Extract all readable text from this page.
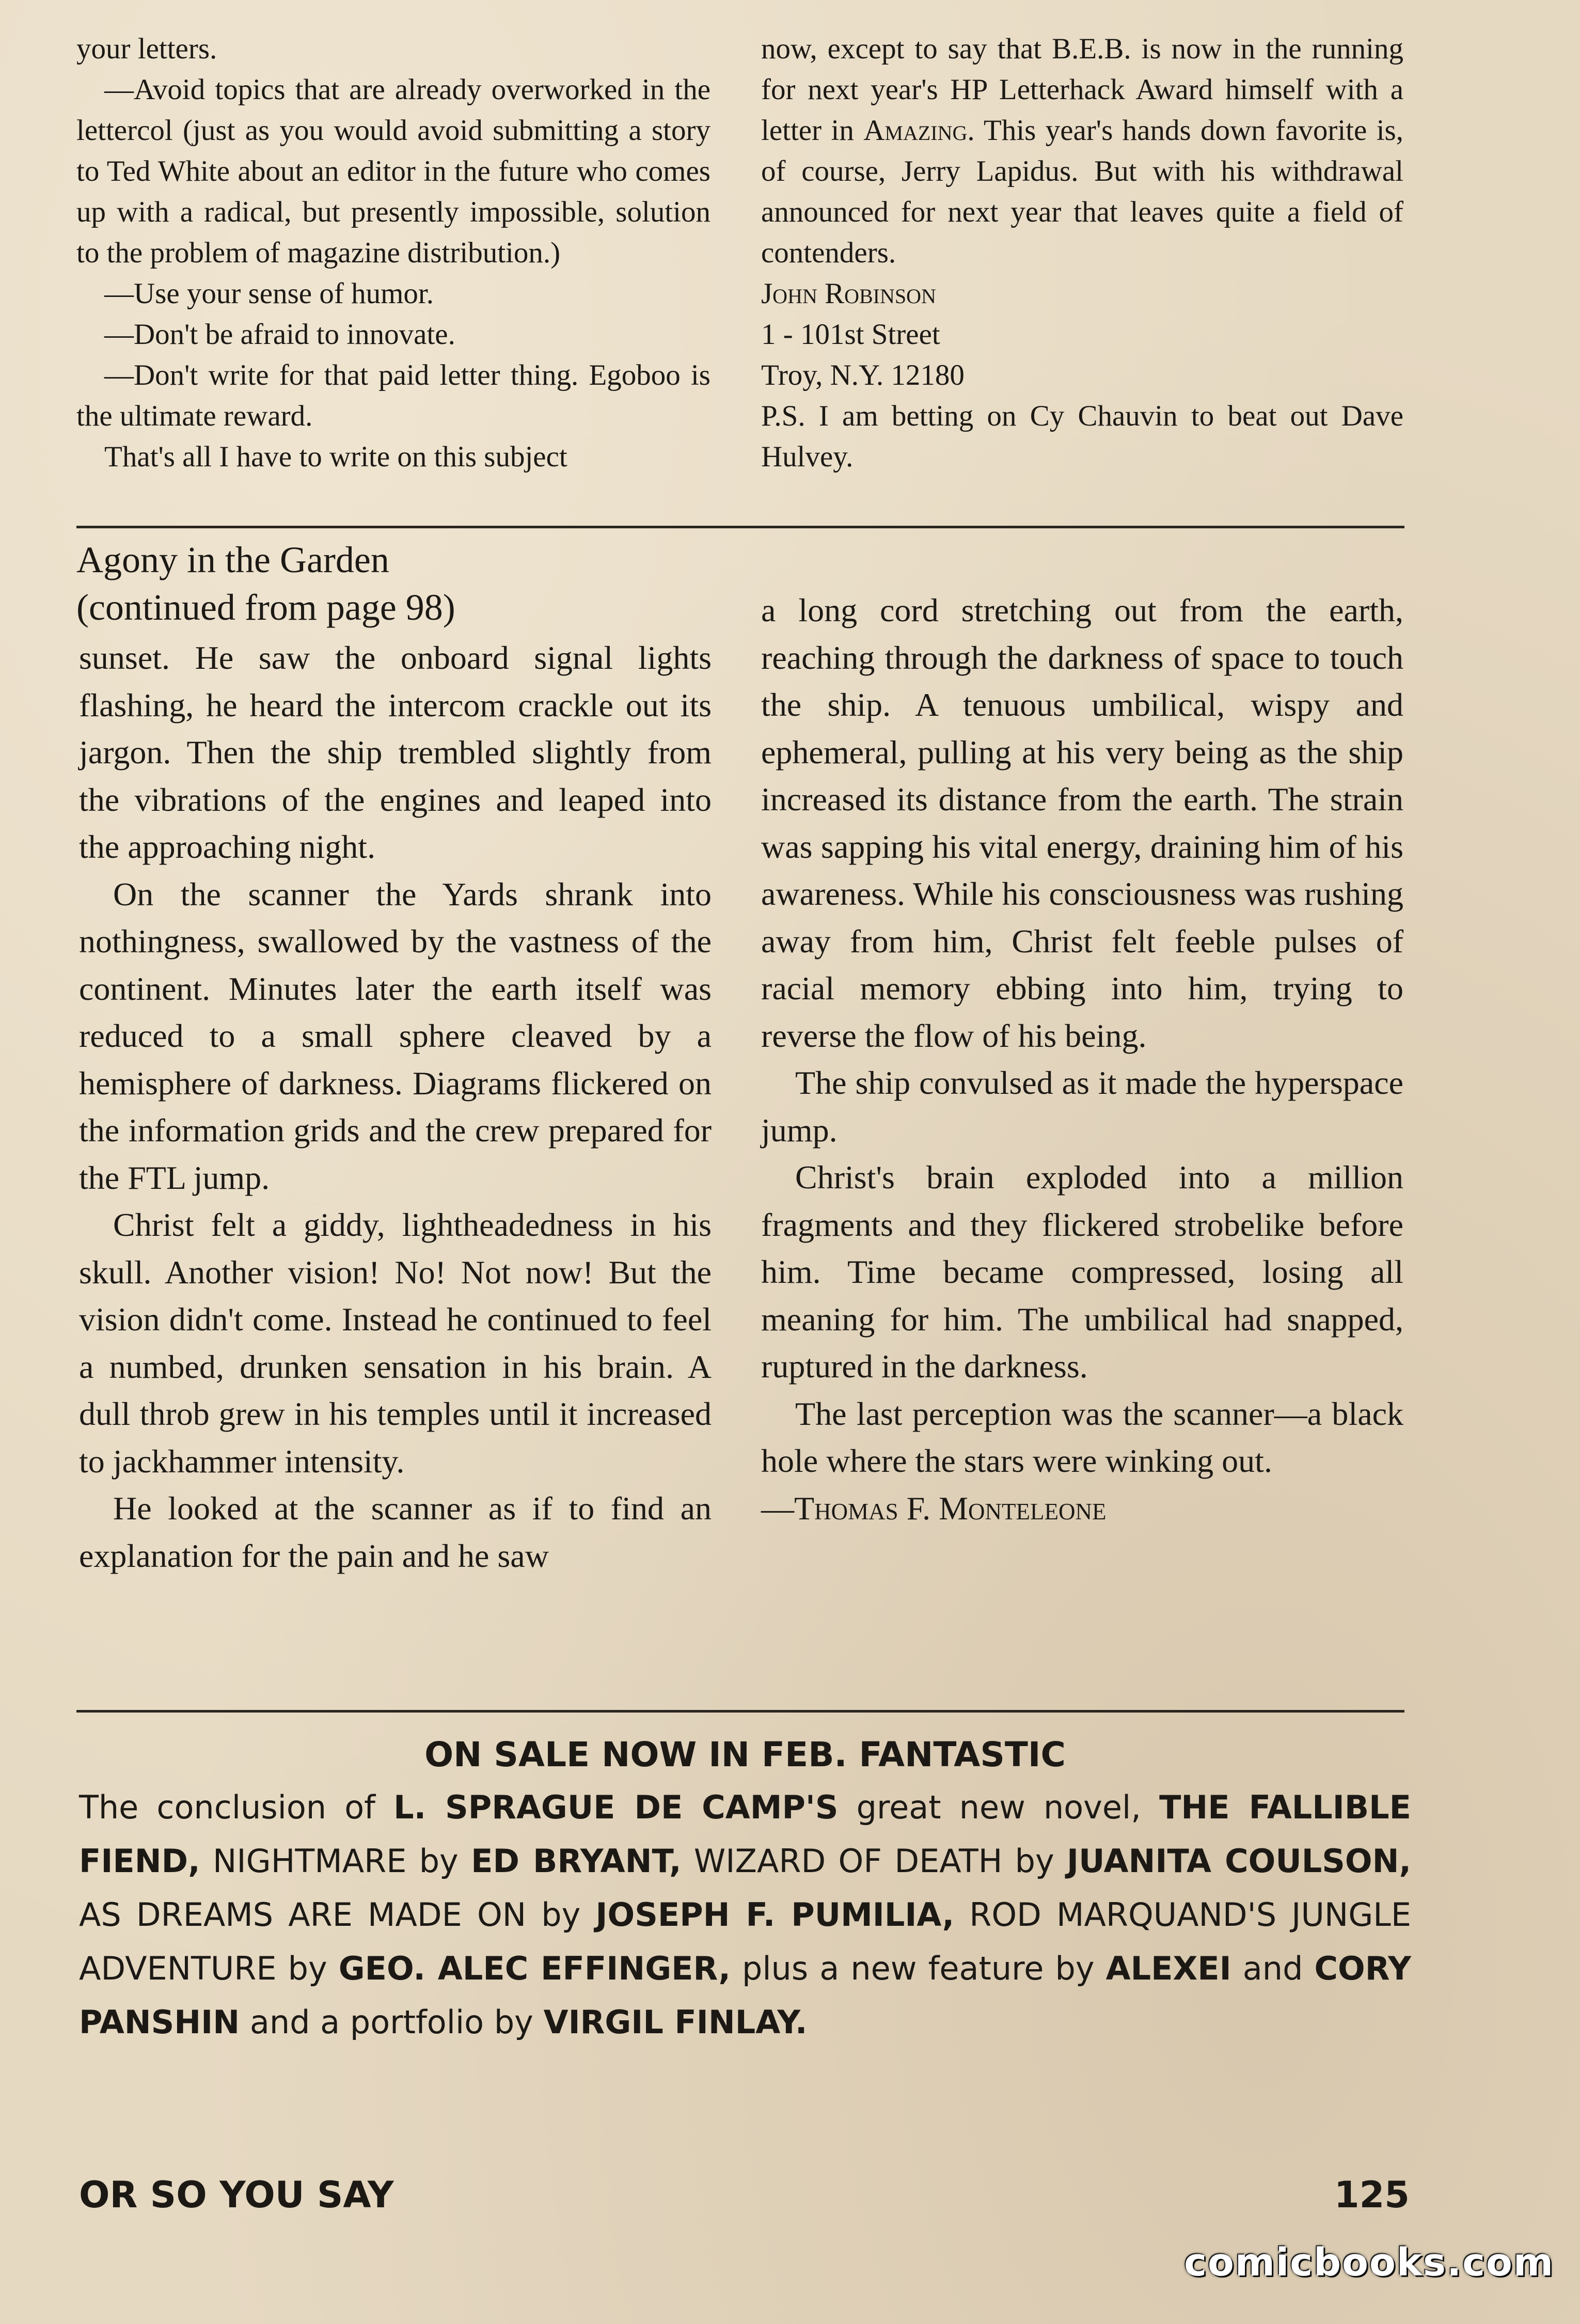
your letters.

—Avoid topics that are already overworked in the lettercol (just as you would avoid submitting a story to Ted White about an editor in the future who comes up with a radical, but presently impossible, solution to the problem of magazine distribution.)

—Use your sense of humor.

—Don't be afraid to innovate.

—Don't write for that paid letter thing. Egoboo is the ultimate reward.

That's all I have to write on this subject

now, except to say that B.E.B. is now in the running for next year's HP Letterhack Award himself with a letter in Amazing. This year's hands down favorite is, of course, Jerry Lapidus. But with his withdrawal announced for next year that leaves quite a field of contenders.

John Robinson

1 - 101st Street

Troy, N.Y. 12180

P.S. I am betting on Cy Chauvin to beat out Dave Hulvey.

Agony in the Garden
(continued from page 98)

sunset. He saw the onboard signal lights flashing, he heard the intercom crackle out its jargon. Then the ship trembled slightly from the vibrations of the engines and leaped into the approaching night.

On the scanner the Yards shrank into nothingness, swallowed by the vastness of the continent. Minutes later the earth itself was reduced to a small sphere cleaved by a hemisphere of darkness. Diagrams flickered on the information grids and the crew prepared for the FTL jump.

Christ felt a giddy, lightheadedness in his skull. Another vision! No! Not now! But the vision didn't come. Instead he continued to feel a numbed, drunken sensation in his brain. A dull throb grew in his temples until it increased to jackhammer intensity.

He looked at the scanner as if to find an explanation for the pain and he saw

a long cord stretching out from the earth, reaching through the darkness of space to touch the ship. A tenuous umbilical, wispy and ephemeral, pulling at his very being as the ship increased its distance from the earth. The strain was sapping his vital energy, draining him of his awareness. While his consciousness was rushing away from him, Christ felt feeble pulses of racial memory ebbing into him, trying to reverse the flow of his being.

The ship convulsed as it made the hyperspace jump.

Christ's brain exploded into a million fragments and they flickered strobelike before him. Time became compressed, losing all meaning for him. The umbilical had snapped, ruptured in the darkness.

The last perception was the scanner—a black hole where the stars were winking out.

—Thomas F. Monteleone

ON SALE NOW IN FEB. FANTASTIC

The conclusion of L. SPRAGUE DE CAMP'S great new novel, THE FALLIBLE FIEND, NIGHTMARE by ED BRYANT, WIZARD OF DEATH by JUANITA COULSON, AS DREAMS ARE MADE ON by JOSEPH F. PUMILIA, ROD MARQUAND'S JUNGLE ADVENTURE by GEO. ALEC EFFINGER, plus a new feature by ALEXEI and CORY PANSHIN and a portfolio by VIRGIL FINLAY.

OR SO YOU SAY	125
comicbooks.com
